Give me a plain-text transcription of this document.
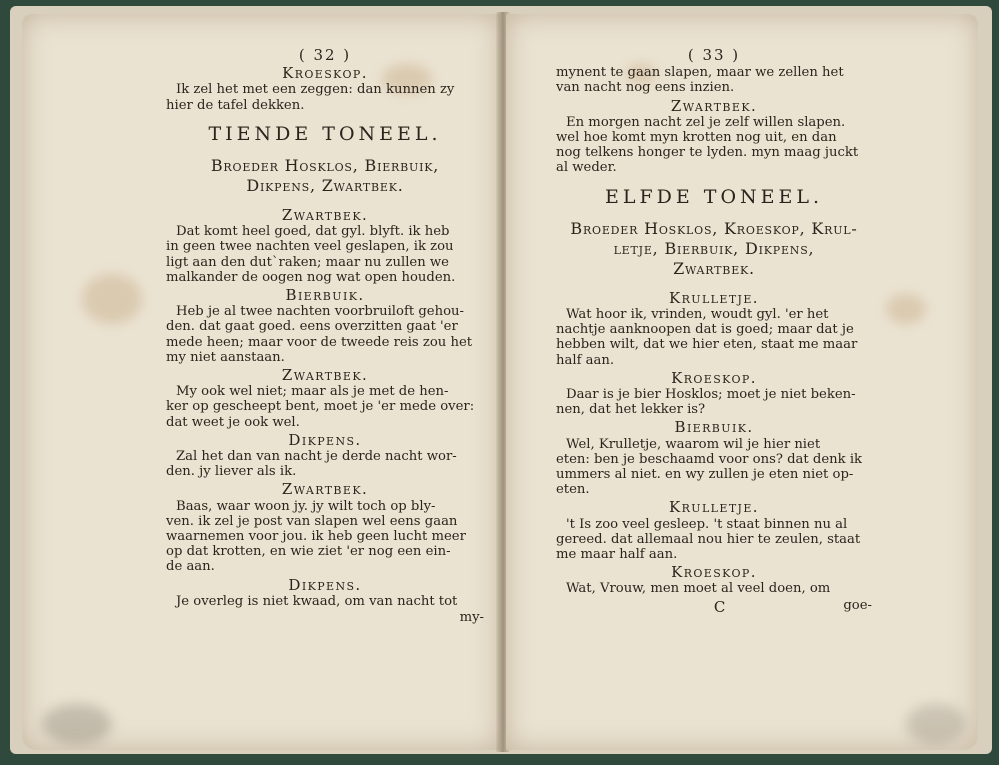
( 32 )
Kroeskop.
Ik zel het met een zeggen: dan kunnen zy
hier de tafel dekken.
TIENDE TONEEL.
Broeder Hosklos, Bierbuik,
Dikpens, Zwartbek.
Zwartbek.
Dat komt heel goed, dat gyl. blyft. ik heb
in geen twee nachten veel geslapen, ik zou
ligt aan den dut`raken; maar nu zullen we
malkander de oogen nog wat open houden.
Bierbuik.
Heb je al twee nachten voorbruiloft gehou-
den. dat gaat goed. eens overzitten gaat 'er
mede heen; maar voor de tweede reis zou het
my niet aanstaan.
Zwartbek.
My ook wel niet; maar als je met de hen-
ker op gescheept bent, moet je 'er mede over:
dat weet je ook wel.
Dikpens.
Zal het dan van nacht je derde nacht wor-
den. jy liever als ik.
Zwartbek.
Baas, waar woon jy. jy wilt toch op bly-
ven. ik zel je post van slapen wel eens gaan
waarnemen voor jou. ik heb geen lucht meer
op dat krotten, en wie ziet 'er nog een ein-
de aan.
Dikpens.
Je overleg is niet kwaad, om van nacht tot
my-
( 33 )
mynent te gaan slapen, maar we zellen het
van nacht nog eens inzien.
Zwartbek.
En morgen nacht zel je zelf willen slapen.
wel hoe komt myn krotten nog uit, en dan
nog telkens honger te lyden. myn maag juckt
al weder.
ELFDE TONEEL.
Broeder Hosklos, Kroeskop, Krul-
letje, Bierbuik, Dikpens,
Zwartbek.
Krulletje.
Wat hoor ik, vrinden, woudt gyl. 'er het
nachtje aanknoopen dat is goed; maar dat je
hebben wilt, dat we hier eten, staat me maar
half aan.
Kroeskop.
Daar is je bier Hosklos; moet je niet beken-
nen, dat het lekker is?
Bierbuik.
Wel, Krulletje, waarom wil je hier niet
eten: ben je beschaamd voor ons? dat denk ik
ummers al niet. en wy zullen je eten niet op-
eten.
Krulletje.
't Is zoo veel gesleep. 't staat binnen nu al
gereed. dat allemaal nou hier te zeulen, staat
me maar half aan.
Kroeskop.
Wat, Vrouw, men moet al veel doen, om
C	goe-
